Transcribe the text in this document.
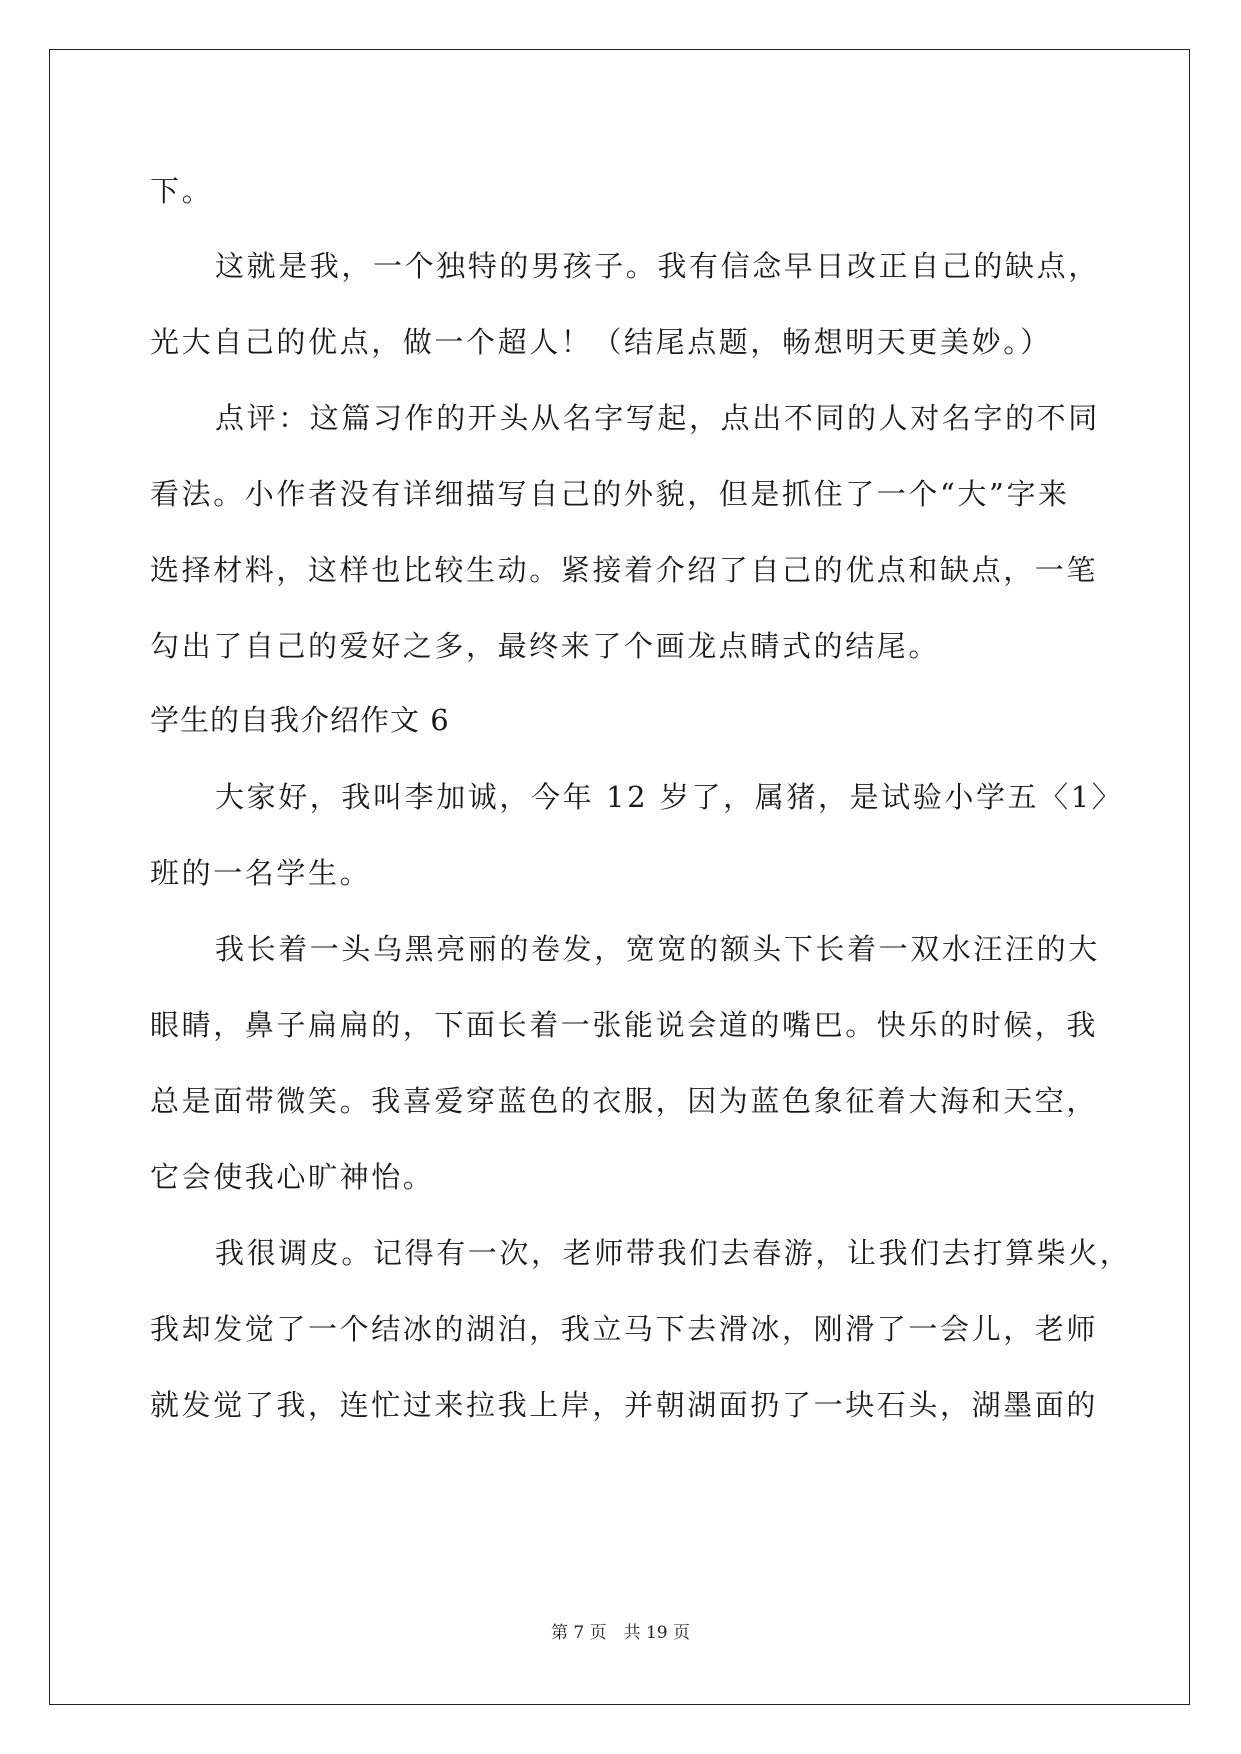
下。
这就是我，一个独特的男孩子。我有信念早日改正自己的缺点，
光大自己的优点，做一个超人！（结尾点题，畅想明天更美妙。）
点评：这篇习作的开头从名字写起，点出不同的人对名字的不同
看法。小作者没有详细描写自己的外貌，但是抓住了一个“大”字来
选择材料，这样也比较生动。紧接着介绍了自己的优点和缺点，一笔
勾出了自己的爱好之多，最终来了个画龙点睛式的结尾。
学生的自我介绍作文 6
大家好，我叫李加诚，今年 12 岁了，属猪，是试验小学五〈1〉
班的一名学生。
我长着一头乌黑亮丽的卷发，宽宽的额头下长着一双水汪汪的大
眼睛，鼻子扁扁的，下面长着一张能说会道的嘴巴。快乐的时候，我
总是面带微笑。我喜爱穿蓝色的衣服，因为蓝色象征着大海和天空，
它会使我心旷神怡。
我很调皮。记得有一次，老师带我们去春游，让我们去打算柴火，
我却发觉了一个结冰的湖泊，我立马下去滑冰，刚滑了一会儿，老师
就发觉了我，连忙过来拉我上岸，并朝湖面扔了一块石头，湖墨面的
第 7 页　共 19 页
